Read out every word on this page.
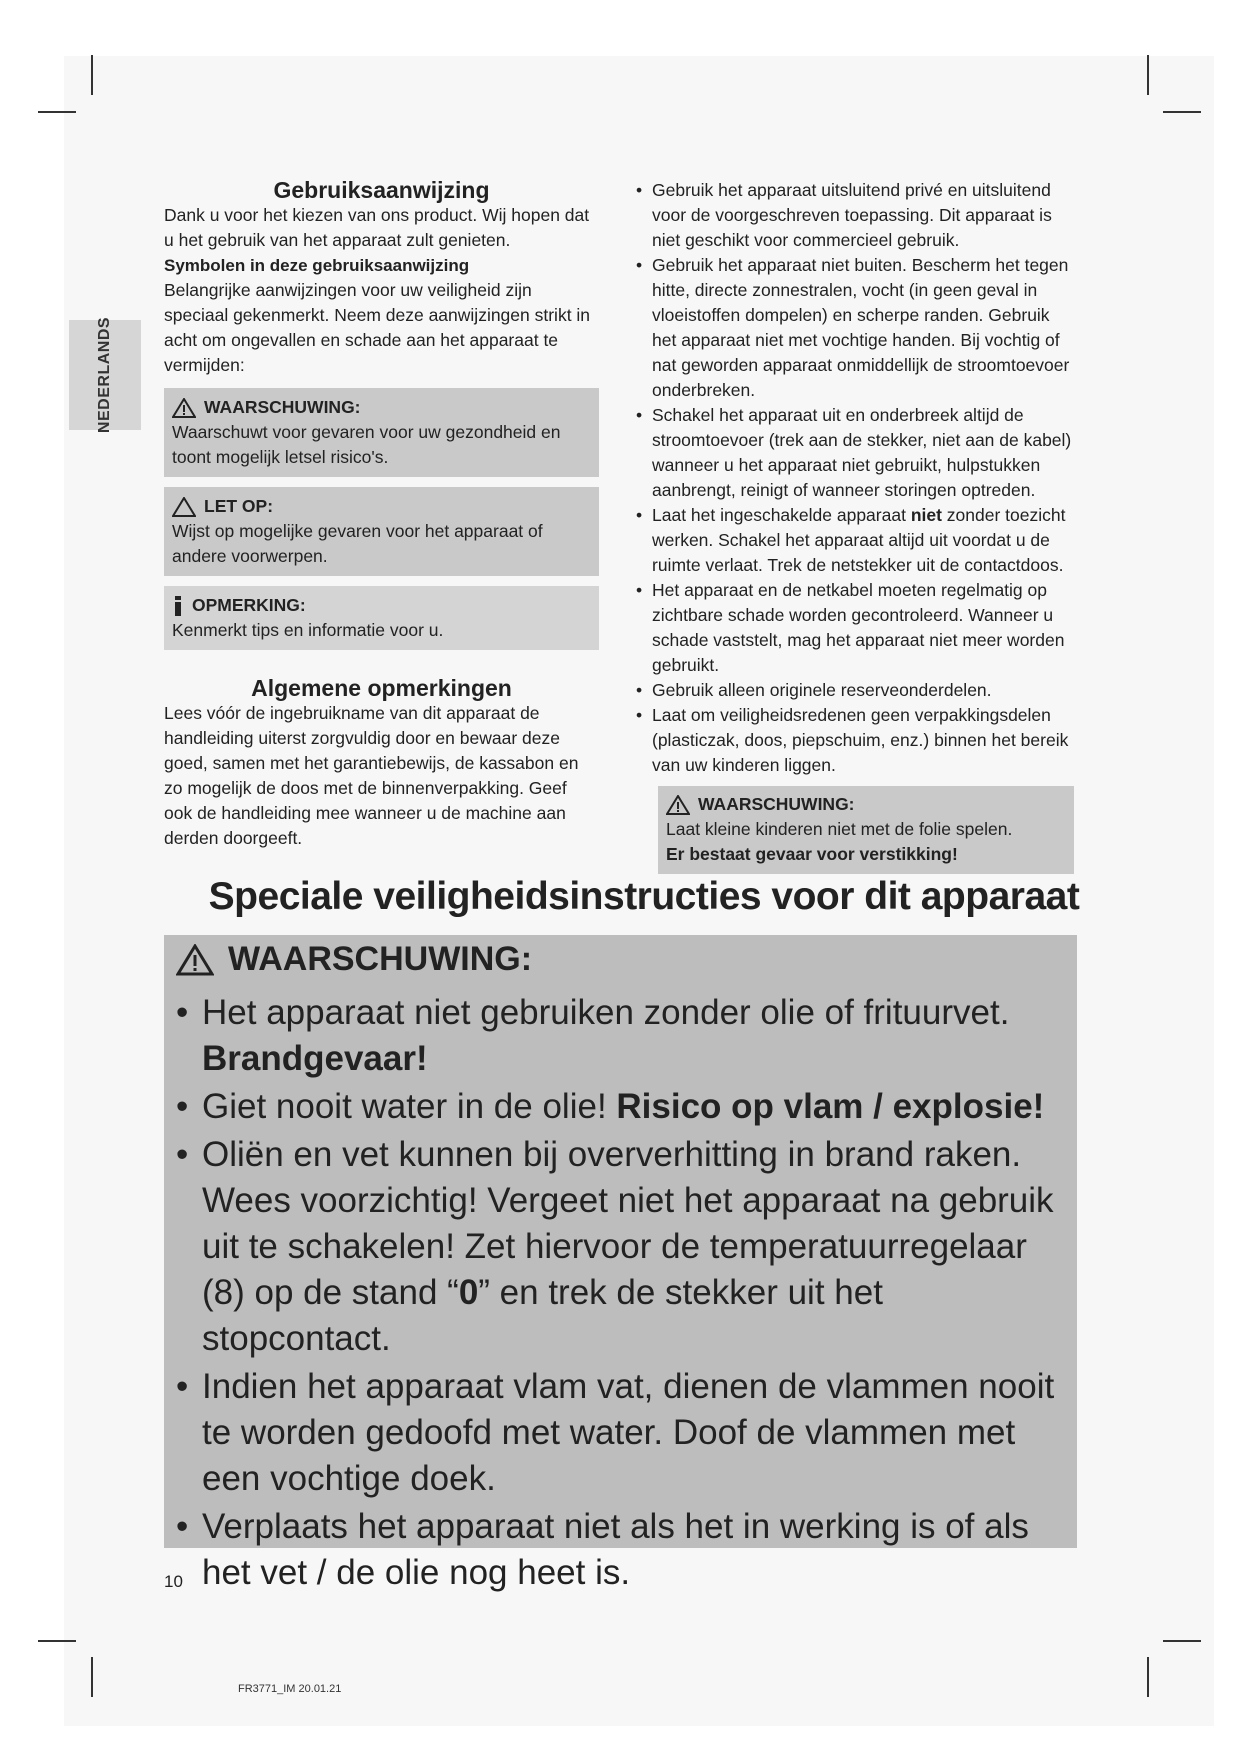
NEDERLANDS

Gebruiksaanwijzing

Dank u voor het kiezen van ons product. Wij hopen dat u het gebruik van het apparaat zult genieten.

Symbolen in deze gebruiksaanwijzing

Belangrijke aanwijzingen voor uw veiligheid zijn speciaal gekenmerkt. Neem deze aanwijzingen strikt in acht om ongevallen en schade aan het apparaat te vermijden:

WAARSCHUWING:

Waarschuwt voor gevaren voor uw gezondheid en toont mogelijk letsel risico's.

LET OP:

Wijst op mogelijke gevaren voor het apparaat of andere voorwerpen.

OPMERKING:

Kenmerkt tips en informatie voor u.

Algemene opmerkingen

Lees vóór de ingebruikname van dit apparaat de handleiding uiterst zorgvuldig door en bewaar deze goed, samen met het garantiebewijs, de kassabon en zo mogelijk de doos met de binnenverpakking. Geef ook de handleiding mee wanneer u de machine aan derden doorgeeft.

• Gebruik het apparaat uitsluitend privé en uitsluitend voor de voorgeschreven toepassing. Dit apparaat is niet geschikt voor commercieel gebruik.
• Gebruik het apparaat niet buiten. Bescherm het tegen hitte, directe zonnestralen, vocht (in geen geval in vloeistoffen dompelen) en scherpe randen. Gebruik het apparaat niet met vochtige handen. Bij vochtig of nat geworden apparaat onmiddellijk de stroomtoevoer onderbreken.
• Schakel het apparaat uit en onderbreek altijd de stroomtoevoer (trek aan de stekker, niet aan de kabel) wanneer u het apparaat niet gebruikt, hulpstukken aanbrengt, reinigt of wanneer storingen optreden.
• Laat het ingeschakelde apparaat niet zonder toezicht werken. Schakel het apparaat altijd uit voordat u de ruimte verlaat. Trek de netstekker uit de contactdoos.
• Het apparaat en de netkabel moeten regelmatig op zichtbare schade worden gecontroleerd. Wanneer u schade vaststelt, mag het apparaat niet meer worden gebruikt.
• Gebruik alleen originele reserveonderdelen.
• Laat om veiligheidsredenen geen verpakkingsdelen (plasticzak, doos, piepschuim, enz.) binnen het bereik van uw kinderen liggen.
WAARSCHUWING:

Laat kleine kinderen niet met de folie spelen.

Er bestaat gevaar voor verstikking!

Speciale veiligheidsinstructies voor dit apparaat
WAARSCHUWING:
• Het apparaat niet gebruiken zonder olie of frituurvet. Brandgevaar!
• Giet nooit water in de olie! Risico op vlam / explosie!
• Oliën en vet kunnen bij oververhitting in brand raken. Wees voorzichtig! Vergeet niet het apparaat na gebruik uit te schakelen! Zet hiervoor de temperatuurregelaar (8) op de stand “0” en trek de stekker uit het stopcontact.
• Indien het apparaat vlam vat, dienen de vlammen nooit te worden gedoofd met water. Doof de vlammen met een vochtige doek.
• Verplaats het apparaat niet als het in werking is of als het vet / de olie nog heet is.
10
FR3771_IM 20.01.21
